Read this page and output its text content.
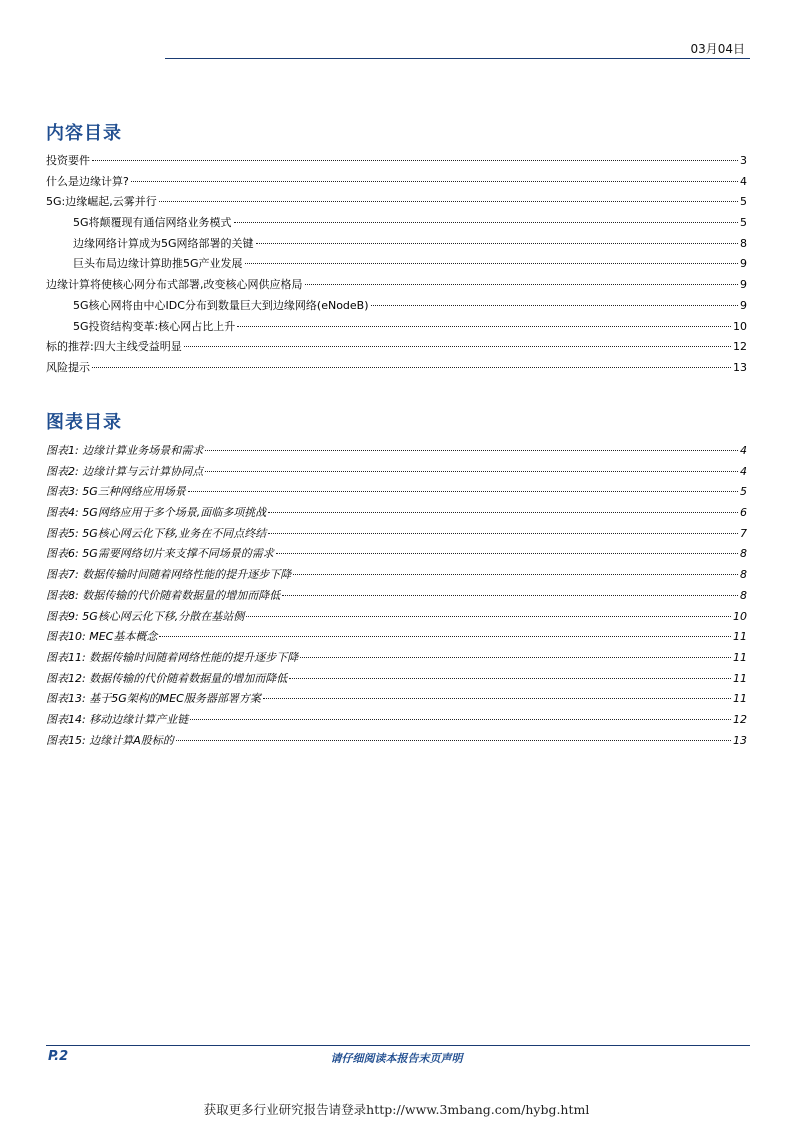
03月04日
内容目录
投资要件	3
什么是边缘计算?	4
5G:边缘崛起,云雾并行	5
5G将颠覆现有通信网络业务模式	5
边缘网络计算成为5G网络部署的关键	8
巨头布局边缘计算助推5G产业发展	9
边缘计算将使核心网分布式部署,改变核心网供应格局	9
5G核心网将由中心IDC分布到数量巨大到边缘网络(eNodeB)	9
5G投资结构变革:核心网占比上升	10
标的推荐:四大主线受益明显	12
风险提示	13
图表目录
图表1: 边缘计算业务场景和需求	4
图表2: 边缘计算与云计算协同点	4
图表3: 5G三种网络应用场景	5
图表4: 5G网络应用于多个场景,面临多项挑战	6
图表5: 5G核心网云化下移,业务在不同点终结	7
图表6: 5G需要网络切片来支撑不同场景的需求	8
图表7: 数据传输时间随着网络性能的提升逐步下降	8
图表8: 数据传输的代价随着数据量的增加而降低	8
图表9: 5G核心网云化下移,分散在基站侧	10
图表10: MEC基本概念	11
图表11: 数据传输时间随着网络性能的提升逐步下降	11
图表12: 数据传输的代价随着数据量的增加而降低	11
图表13: 基于5G架构的MEC服务器部署方案	11
图表14: 移动边缘计算产业链	12
图表15: 边缘计算A股标的	13
P.2	请仔细阅读本报告末页声明
获取更多行业研究报告请登录http://www.3mbang.com/hybg.html
